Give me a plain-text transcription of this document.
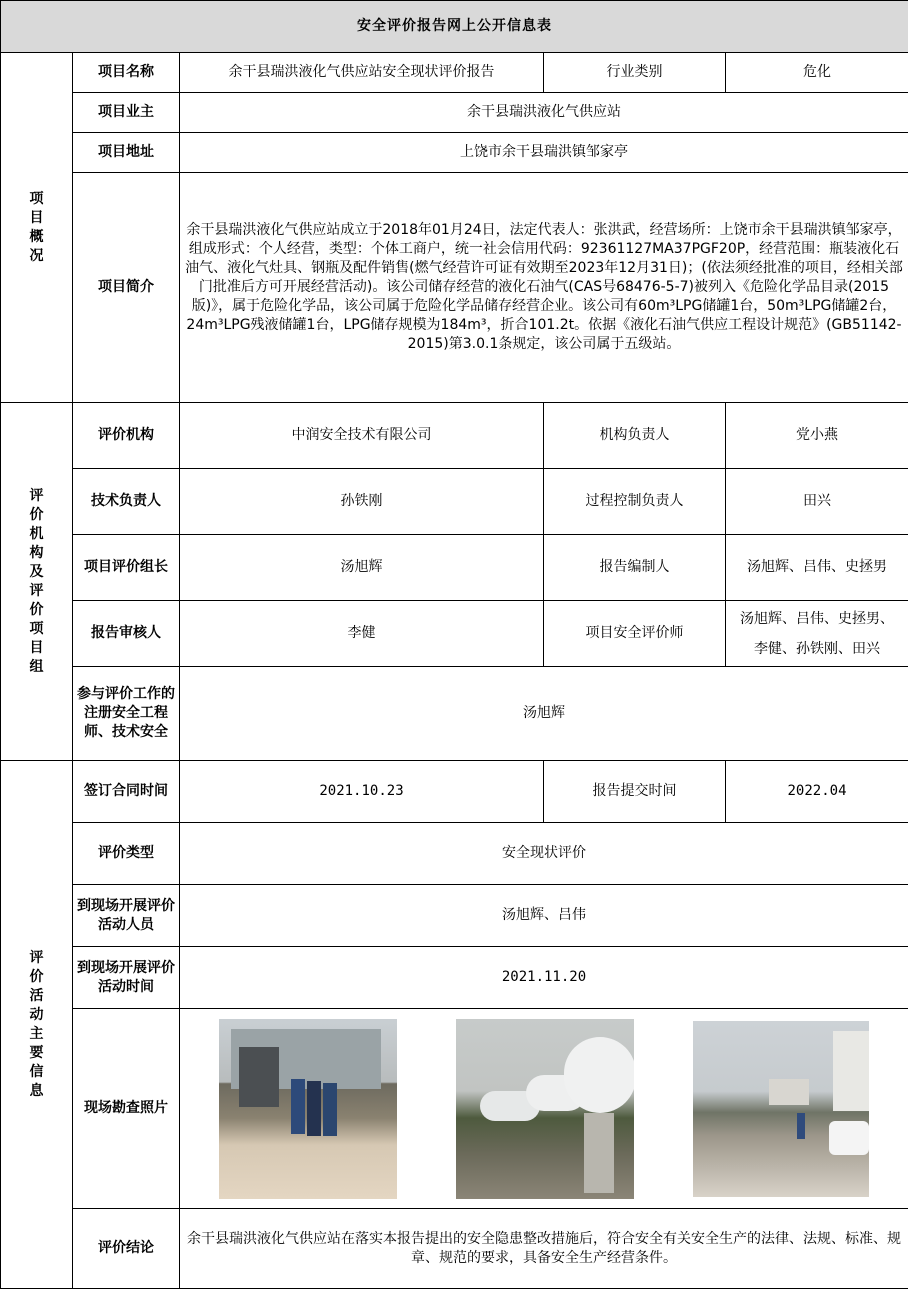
安全评价报告网上公开信息表				
项目概况	项目名称	余干县瑞洪液化气供应站安全现状评价报告	行业类别	危化
	项目业主	余干县瑞洪液化气供应站		
	项目地址	上饶市余干县瑞洪镇邹家亭		
	项目简介	余干县瑞洪液化气供应站成立于2018年01月24日，法定代表人：张洪武，经营场所：上饶市余干县瑞洪镇邹家亭，组成形式：个人经营，类型：个体工商户，统一社会信用代码：92361127MA37PGF20P，经营范围：瓶装液化石油气、液化气灶具、钢瓶及配件销售(燃气经营许可证有效期至2023年12月31日)；(依法须经批准的项目，经相关部门批准后方可开展经营活动)。该公司储存经营的液化石油气(CAS号68476-5-7)被列入《危险化学品目录(2015版)》，属于危险化学品，该公司属于危险化学品储存经营企业。该公司有60m³LPG储罐1台，50m³LPG储罐2台，24m³LPG残液储罐1台，LPG储存规模为184m³，折合101.2t。依据《液化石油气供应工程设计规范》(GB51142-2015)第3.0.1条规定，该公司属于五级站。		
评价机构及评价项目组	评价机构	中润安全技术有限公司	机构负责人	党小燕
	技术负责人	孙铁刚	过程控制负责人	田兴
	项目评价组长	汤旭辉	报告编制人	汤旭辉、吕伟、史拯男
	报告审核人	李健	项目安全评价师	汤旭辉、吕伟、史拯男、
李健、孙铁刚、田兴

	参与评价工作的注册安全工程师、技术安全	汤旭辉		
评价活动主要信息	签订合同时间	2021.10.23	报告提交时间	2022.04
	评价类型	安全现状评价		
	到现场开展评价活动人员	汤旭辉、吕伟		
	到现场开展评价活动时间	2021.11.20		
	现场勘查照片			

	评价结论	余干县瑞洪液化气供应站在落实本报告提出的安全隐患整改措施后，符合安全有关安全生产的法律、法规、标准、规章、规范的要求，具备安全生产经营条件。		
